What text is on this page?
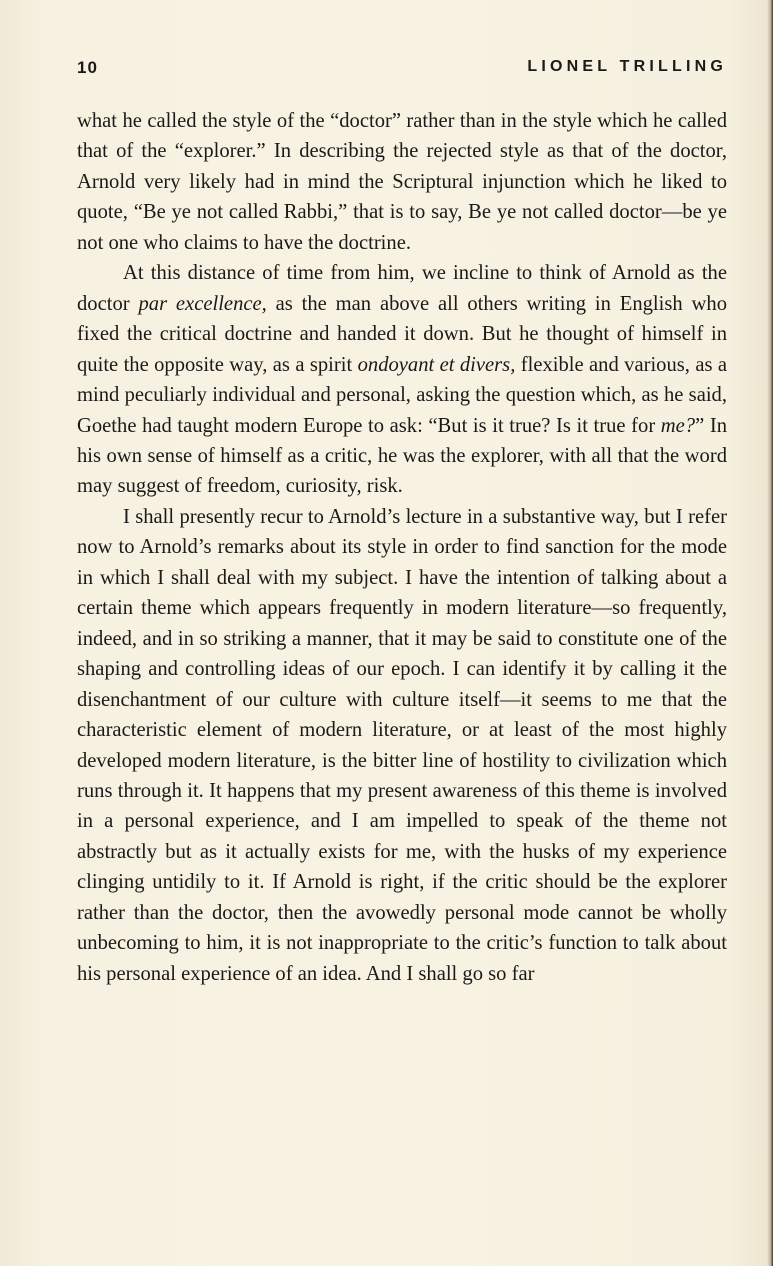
10	LIONEL TRILLING

what he called the style of the “doctor” rather than in the style which he called that of the “explorer.” In describing the rejected style as that of the doctor, Arnold very likely had in mind the Scriptural injunction which he liked to quote, “Be ye not called Rabbi,” that is to say, Be ye not called doctor—be ye not one who claims to have the doctrine.

At this distance of time from him, we incline to think of Arnold as the doctor par excellence, as the man above all others writing in English who fixed the critical doctrine and handed it down. But he thought of himself in quite the opposite way, as a spirit ondoyant et divers, flexible and various, as a mind peculiarly individual and personal, asking the question which, as he said, Goethe had taught modern Europe to ask: “But is it true? Is it true for me?” In his own sense of himself as a critic, he was the explorer, with all that the word may suggest of freedom, curiosity, risk.

I shall presently recur to Arnold’s lecture in a substantive way, but I refer now to Arnold’s remarks about its style in order to find sanction for the mode in which I shall deal with my subject. I have the intention of talking about a certain theme which appears frequently in modern literature—so frequently, indeed, and in so striking a manner, that it may be said to constitute one of the shaping and controlling ideas of our epoch. I can identify it by calling it the disenchantment of our culture with culture itself—it seems to me that the characteristic element of modern literature, or at least of the most highly developed modern literature, is the bitter line of hostility to civilization which runs through it. It happens that my present awareness of this theme is involved in a personal experience, and I am impelled to speak of the theme not abstractly but as it actually exists for me, with the husks of my experience clinging untidily to it. If Arnold is right, if the critic should be the explorer rather than the doctor, then the avowedly personal mode cannot be wholly unbecoming to him, it is not inappropriate to the critic’s function to talk about his personal experience of an idea. And I shall go so far
